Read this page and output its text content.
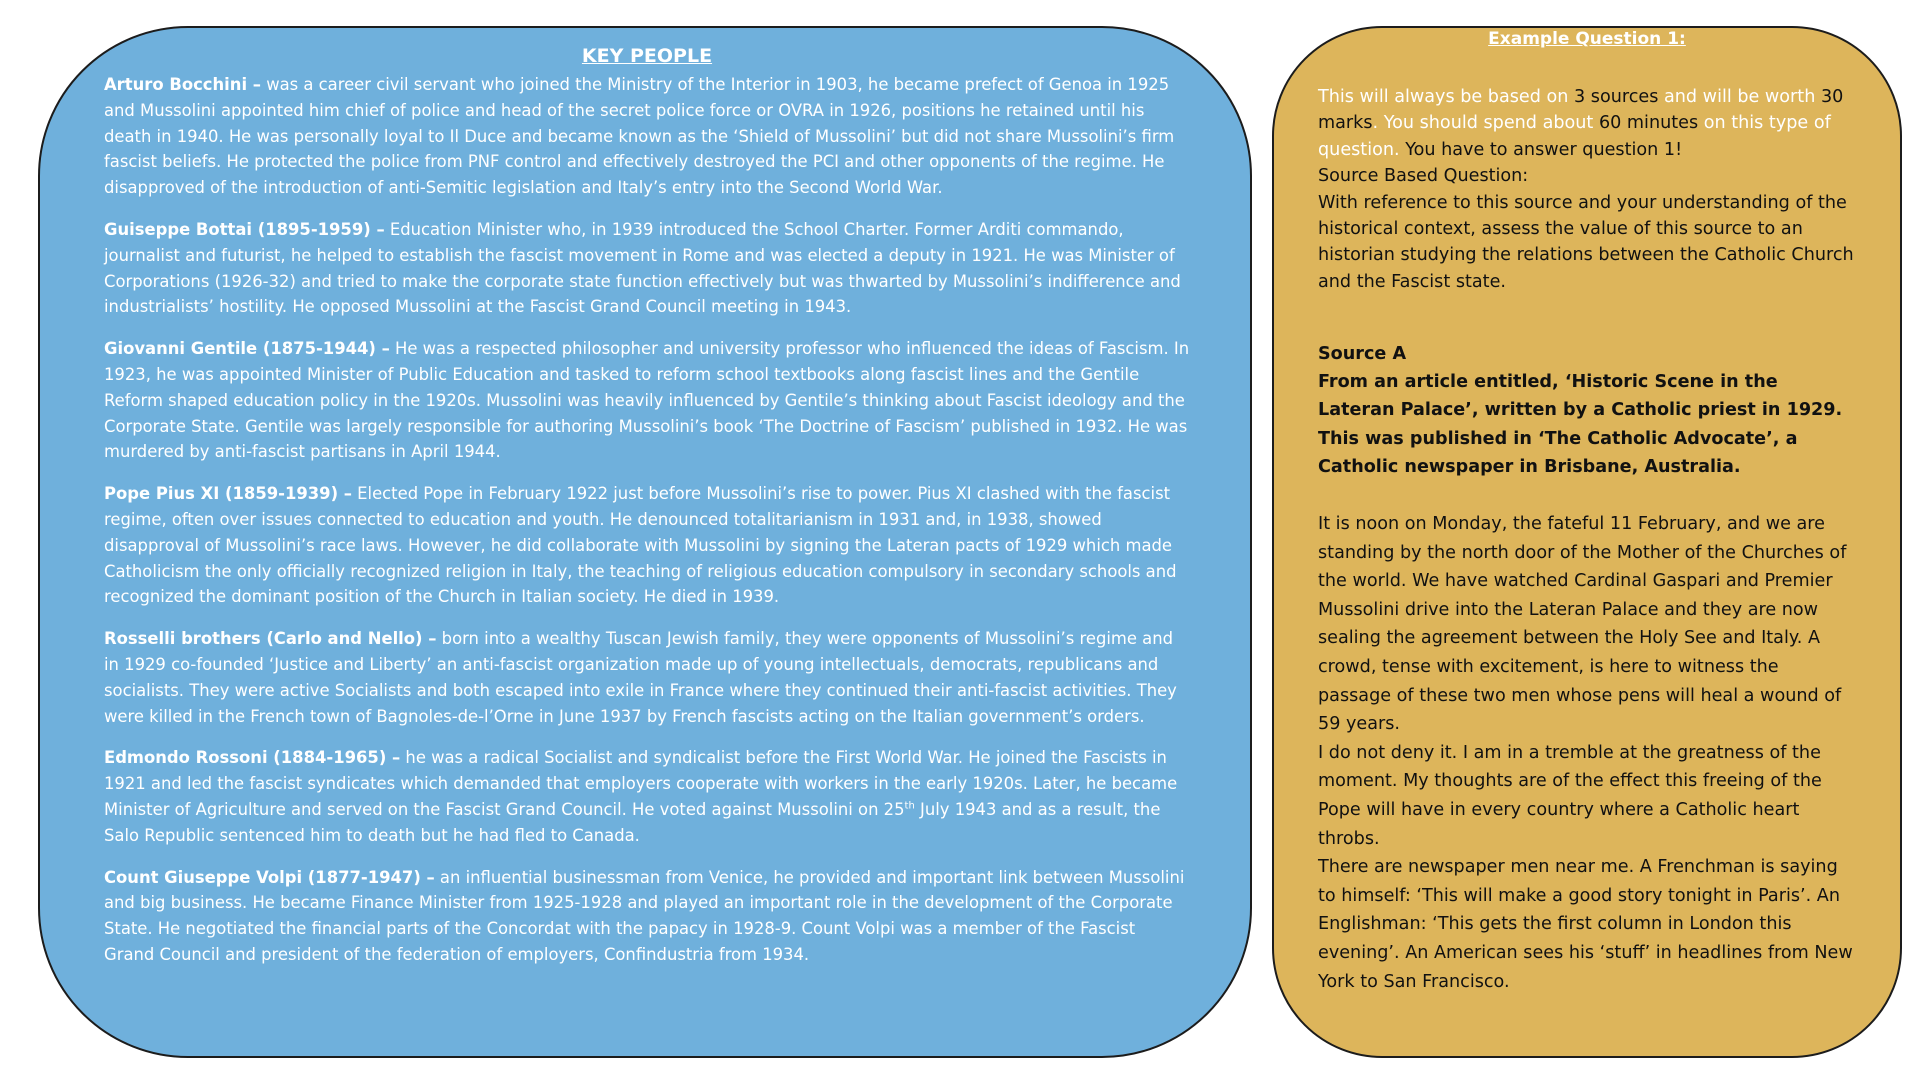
KEY PEOPLE

Arturo Bocchini – was a career civil servant who joined the Ministry of the Interior in 1903, he became prefect of Genoa in 1925 and Mussolini appointed him chief of police and head of the secret police force or OVRA in 1926, positions he retained until his death in 1940. He was personally loyal to Il Duce and became known as the ‘Shield of Mussolini’ but did not share Mussolini’s firm fascist beliefs. He protected the police from PNF control and effectively destroyed the PCI and other opponents of the regime. He disapproved of the introduction of anti-Semitic legislation and Italy’s entry into the Second World War.

Guiseppe Bottai (1895-1959) – Education Minister who, in 1939 introduced the School Charter. Former Arditi commando, journalist and futurist, he helped to establish the fascist movement in Rome and was elected a deputy in 1921. He was Minister of Corporations (1926-32) and tried to make the corporate state function effectively but was thwarted by Mussolini’s indifference and industrialists’ hostility. He opposed Mussolini at the Fascist Grand Council meeting in 1943.

Giovanni Gentile (1875-1944) – He was a respected philosopher and university professor who influenced the ideas of Fascism. In 1923, he was appointed Minister of Public Education and tasked to reform school textbooks along fascist lines and the Gentile Reform shaped education policy in the 1920s. Mussolini was heavily influenced by Gentile’s thinking about Fascist ideology and the Corporate State. Gentile was largely responsible for authoring Mussolini’s book ‘The Doctrine of Fascism’ published in 1932. He was murdered by anti-fascist partisans in April 1944.

Pope Pius XI (1859-1939) – Elected Pope in February 1922 just before Mussolini’s rise to power. Pius XI clashed with the fascist regime, often over issues connected to education and youth. He denounced totalitarianism in 1931 and, in 1938, showed disapproval of Mussolini’s race laws. However, he did collaborate with Mussolini by signing the Lateran pacts of 1929 which made Catholicism the only officially recognized religion in Italy, the teaching of religious education compulsory in secondary schools and recognized the dominant position of the Church in Italian society. He died in 1939.

Rosselli brothers (Carlo and Nello) – born into a wealthy Tuscan Jewish family, they were opponents of Mussolini’s regime and in 1929 co-founded ‘Justice and Liberty’ an anti-fascist organization made up of young intellectuals, democrats, republicans and socialists. They were active Socialists and both escaped into exile in France where they continued their anti-fascist activities. They were killed in the French town of Bagnoles-de-l’Orne in June 1937 by French fascists acting on the Italian government’s orders.

Edmondo Rossoni (1884-1965) – he was a radical Socialist and syndicalist before the First World War. He joined the Fascists in 1921 and led the fascist syndicates which demanded that employers cooperate with workers in the early 1920s. Later, he became Minister of Agriculture and served on the Fascist Grand Council. He voted against Mussolini on 25th July 1943 and as a result, the Salo Republic sentenced him to death but he had fled to Canada.

Count Giuseppe Volpi (1877-1947) – an influential businessman from Venice, he provided and important link between Mussolini and big business. He became Finance Minister from 1925-1928 and played an important role in the development of the Corporate State. He negotiated the financial parts of the Concordat with the papacy in 1928-9. Count Volpi was a member of the Fascist Grand Council and president of the federation of employers, Confindustria from 1934.

Example Question 1:

This will always be based on 3 sources and will be worth 30 marks. You should spend about 60 minutes on this type of question. You have to answer question 1!

Source Based Question:

With reference to this source and your understanding of the historical context, assess the value of this source to an historian studying the relations between the Catholic Church and the Fascist state.

Source A

From an article entitled, ‘Historic Scene in the Lateran Palace’, written by a Catholic priest in 1929. This was published in ‘The Catholic Advocate’, a Catholic newspaper in Brisbane, Australia.

It is noon on Monday, the fateful 11 February, and we are standing by the north door of the Mother of the Churches of the world. We have watched Cardinal Gaspari and Premier Mussolini drive into the Lateran Palace and they are now sealing the agreement between the Holy See and Italy. A crowd, tense with excitement, is here to witness the passage of these two men whose pens will heal a wound of 59 years.

I do not deny it. I am in a tremble at the greatness of the moment. My thoughts are of the effect this freeing of the Pope will have in every country where a Catholic heart throbs.

There are newspaper men near me. A Frenchman is saying to himself: ‘This will make a good story tonight in Paris’. An Englishman: ‘This gets the first column in London this evening’. An American sees his ‘stuff’ in headlines from New York to San Francisco.
